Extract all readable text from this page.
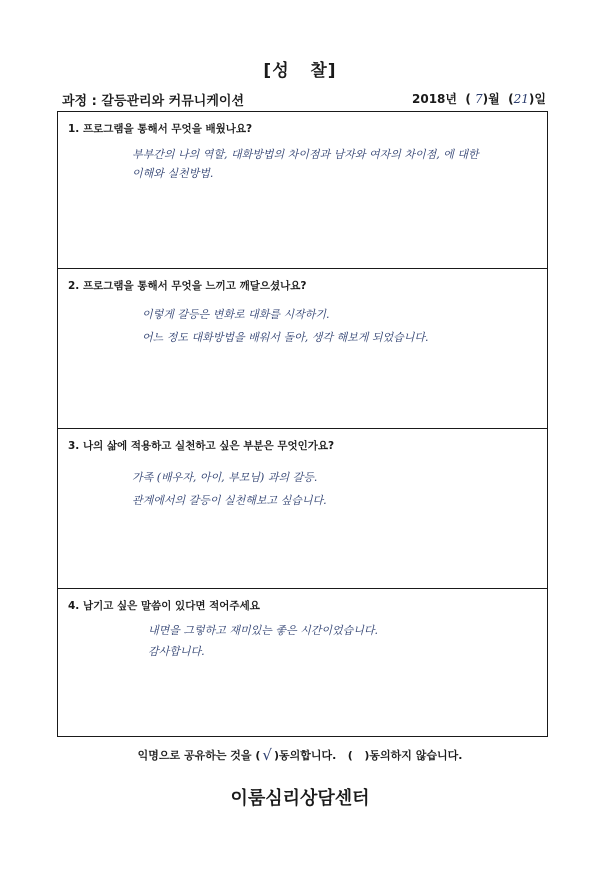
[성   찰]
과정 : 갈등관리와 커뮤니케이션	2018년  ( 7)월  (21)일
1. 프로그램을 통해서 무엇을 배웠나요?
부부간의 나의 역할, 대화방법의 차이점과 남자와 여자의 차이점, 에 대한
이해와 실천방법.
2. 프로그램을 통해서 무엇을 느끼고 깨달으셨나요?
이렇게 갈등은 변화로 대화를 시작하기.
어느 정도 대화방법을 배워서 돌아, 생각 해보게 되었습니다.
3. 나의 삶에 적용하고 실천하고 싶은 부분은 무엇인가요?
가족 (배우자, 아이, 부모님) 과의 갈등.
관계에서의 갈등이 실천해보고 싶습니다.
4. 남기고 싶은 말씀이 있다면 적어주세요
내면을 그렇하고 재미있는 좋은 시간이었습니다.
감사합니다.
익명으로 공유하는 것을 ( √ )동의합니다. ( )동의하지 않습니다.
이룸심리상담센터
